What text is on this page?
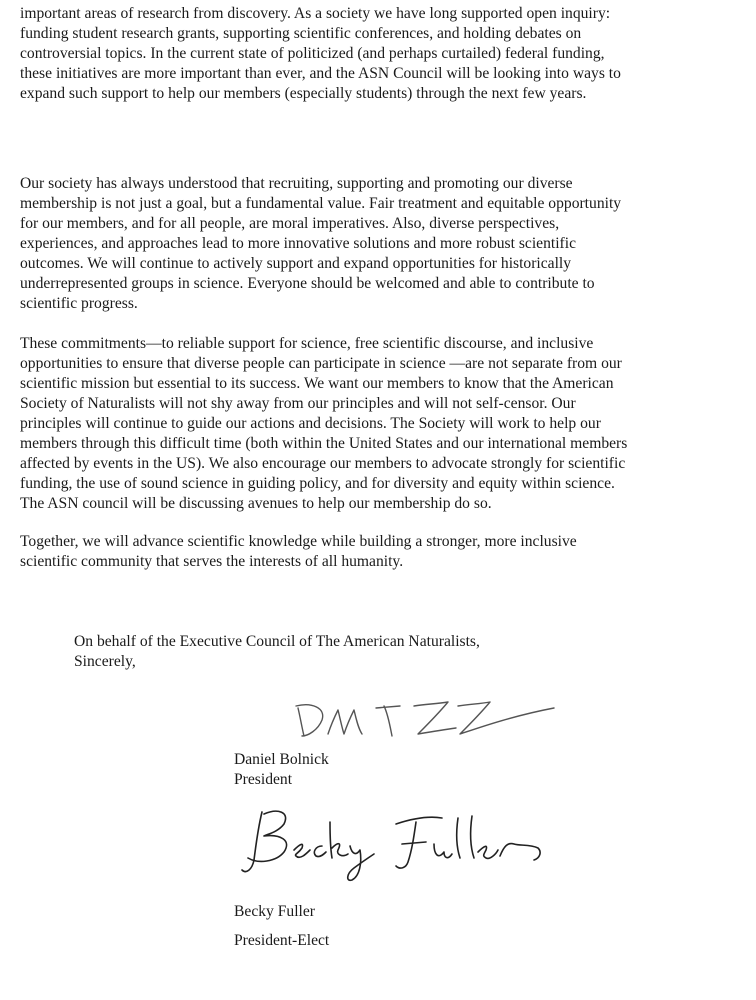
important areas of research from discovery. As a society we have long supported open inquiry:
funding student research grants, supporting scientific conferences, and holding debates on
controversial topics. In the current state of politicized (and perhaps curtailed) federal funding,
these initiatives are more important than ever, and the ASN Council will be looking into ways to
expand such support to help our members (especially students) through the next few years.

Our society has always understood that recruiting, supporting and promoting our diverse
membership is not just a goal, but a fundamental value. Fair treatment and equitable opportunity
for our members, and for all people, are moral imperatives. Also, diverse perspectives,
experiences, and approaches lead to more innovative solutions and more robust scientific
outcomes. We will continue to actively support and expand opportunities for historically
underrepresented groups in science. Everyone should be welcomed and able to contribute to
scientific progress.

These commitments—to reliable support for science, free scientific discourse, and inclusive
opportunities to ensure that diverse people can participate in science —are not separate from our
scientific mission but essential to its success. We want our members to know that the American
Society of Naturalists will not shy away from our principles and will not self-censor. Our
principles will continue to guide our actions and decisions. The Society will work to help our
members through this difficult time (both within the United States and our international members
affected by events in the US). We also encourage our members to advocate strongly for scientific
funding, the use of sound science in guiding policy, and for diversity and equity within science.
The ASN council will be discussing avenues to help our membership do so.

Together, we will advance scientific knowledge while building a stronger, more inclusive
scientific community that serves the interests of all humanity.

On behalf of the Executive Council of The American Naturalists,
Sincerely,
Daniel Bolnick
President
Becky Fuller
President-Elect
